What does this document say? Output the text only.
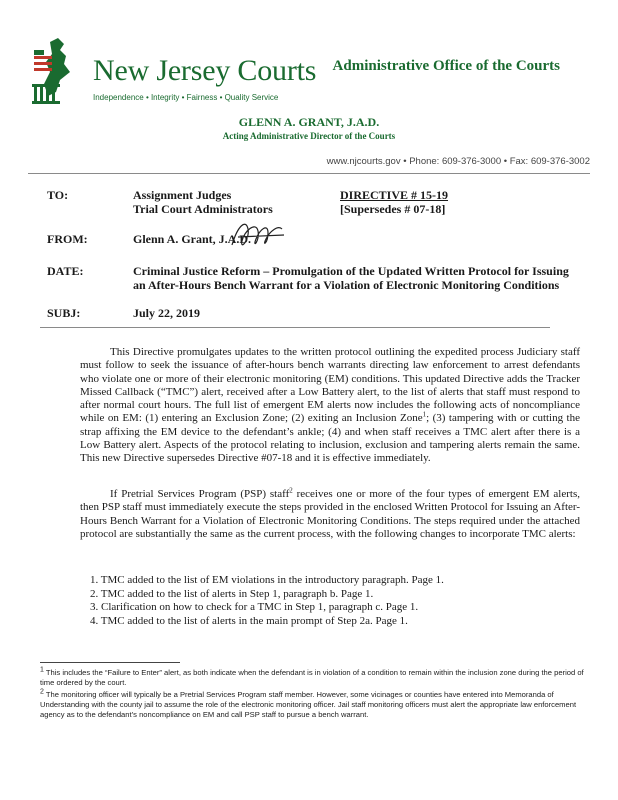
New Jersey Courts
Independence • Integrity • Fairness • Quality Service
Administrative Office of the Courts
GLENN A. GRANT, J.A.D.
Acting Administrative Director of the Courts
www.njcourts.gov • Phone: 609-376-3000 • Fax: 609-376-3002
TO:	Assignment Judges
Trial Court Administrators
DIRECTIVE # 15-19
[Supersedes # 07-18]
FROM:	Glenn A. Grant, J.A.D.
DATE:	Criminal Justice Reform – Promulgation of the Updated Written Protocol for Issuing
an After-Hours Bench Warrant for a Violation of Electronic Monitoring Conditions
SUBJ:	July 22, 2019

This Directive promulgates updates to the written protocol outlining the expedited process Judiciary staff must follow to seek the issuance of after-hours bench warrants directing law enforcement to arrest defendants who violate one or more of their electronic monitoring (EM) conditions. This updated Directive adds the Tracker Missed Callback (“TMC”) alert, received after a Low Battery alert, to the list of alerts that staff must respond to after normal court hours. The full list of emergent EM alerts now includes the following acts of noncompliance while on EM: (1) entering an Exclusion Zone; (2) exiting an Inclusion Zone$^1$; (3) tampering with or cutting the strap affixing the EM device to the defendant’s ankle; (4) and when staff receives a TMC alert after there is a Low Battery alert. Aspects of the protocol relating to inclusion, exclusion and tampering alerts remain the same. This new Directive supersedes Directive #07-18 and it is effective immediately.

If Pretrial Services Program (PSP) staff$^2$ receives one or more of the four types of emergent EM alerts, then PSP staff must immediately execute the steps provided in the enclosed Written Protocol for Issuing an After-Hours Bench Warrant for a Violation of Electronic Monitoring Conditions. The steps required under the attached protocol are substantially the same as the current process, with the following changes to incorporate TMC alerts:

1. TMC added to the list of EM violations in the introductory paragraph. Page 1.
2. TMC added to the list of alerts in Step 1, paragraph b. Page 1.
3. Clarification on how to check for a TMC in Step 1, paragraph c. Page 1.
4. TMC added to the list of alerts in the main prompt of Step 2a. Page 1.
$^1$ This includes the “Failure to Enter” alert, as both indicate when the defendant is in violation of a condition to remain within the inclusion zone during the period of time ordered by the court.
$^2$ The monitoring officer will typically be a Pretrial Services Program staff member. However, some vicinages or counties have entered into Memoranda of Understanding with the county jail to assume the role of the electronic monitoring officer. Jail staff monitoring officers must alert the appropriate law enforcement agency as to the defendant’s noncompliance on EM and call PSP staff to pursue a bench warrant.
